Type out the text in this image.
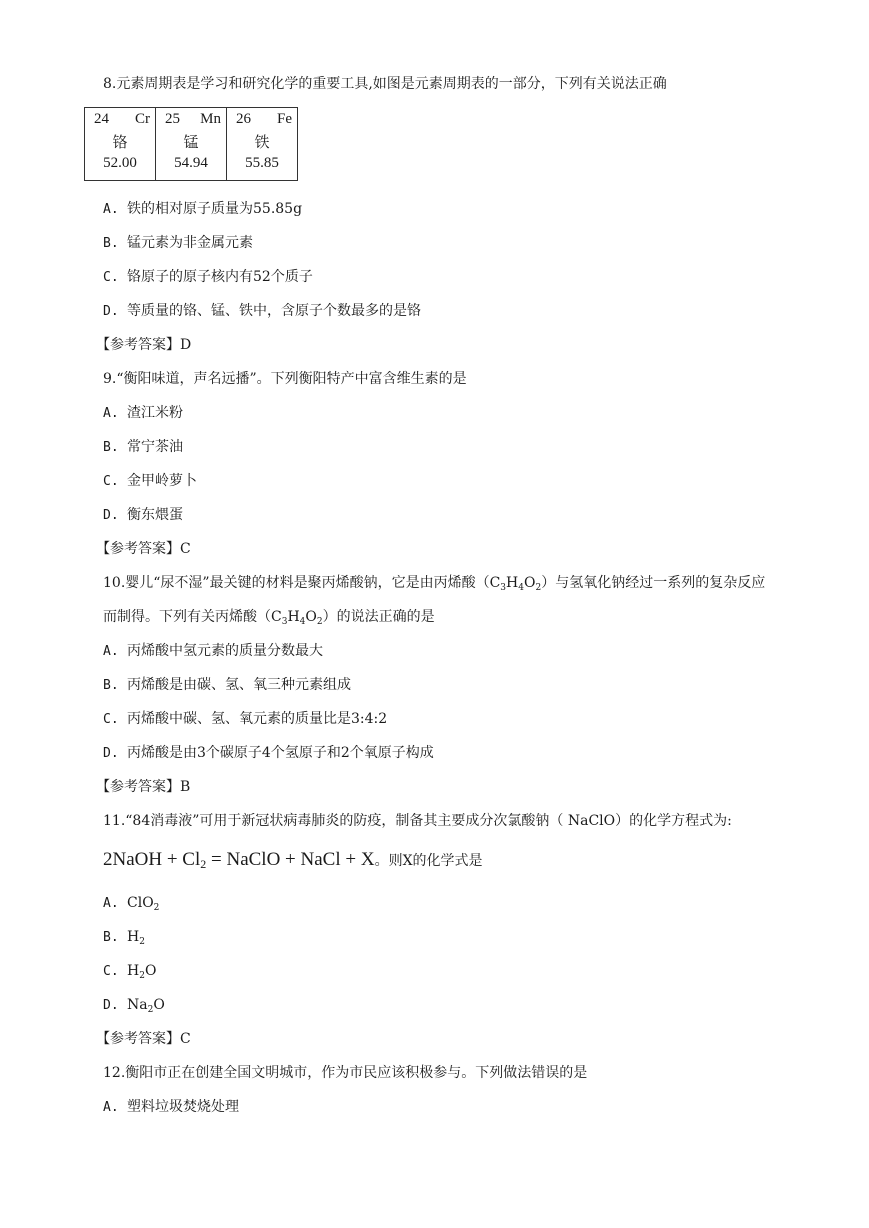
8.元素周期表是学习和研究化学的重要工具,如图是元素周期表的一部分，下列有关说法正确
24 Cr
铬
52.00

25 Mn
锰
54.94

26 Fe
铁
55.85
A. 铁的相对原子质量为55.85g
B. 锰元素为非金属元素
C. 铬原子的原子核内有52个质子
D. 等质量的铬、锰、铁中，含原子个数最多的是铬
【参考答案】D
9.“衡阳味道，声名远播”。下列衡阳特产中富含维生素的是
A. 渣江米粉
B. 常宁茶油
C. 金甲岭萝卜
D. 衡东煨蛋
【参考答案】C
10.婴儿“尿不湿”最关键的材料是聚丙烯酸钠，它是由丙烯酸$(C_3H_4O_2)$与氢氧化钠经过一系列的复杂反应
而制得。下列有关丙烯酸$(C_3H_4O_2)$的说法正确的是
A. 丙烯酸中氢元素的质量分数最大
B. 丙烯酸是由碳、氢、氧三种元素组成
C. 丙烯酸中碳、氢、氧元素的质量比是3:4:2
D. 丙烯酸是由3个碳原子4个氢原子和2个氧原子构成
【参考答案】B
11.“84消毒液”可用于新冠状病毒肺炎的防疫，制备其主要成分次氯酸钠（ NaClO）的化学方程式为:
2NaOH + $Cl_2$ = NaClO + NaCl + X。则X的化学式是
A. ClO$_2$
B. $H_2$
C. $H_2O$
D. $Na_2O$
【参考答案】C
12.衡阳市正在创建全国文明城市，作为市民应该积极参与。下列做法错误的是
A. 塑料垃圾焚烧处理
